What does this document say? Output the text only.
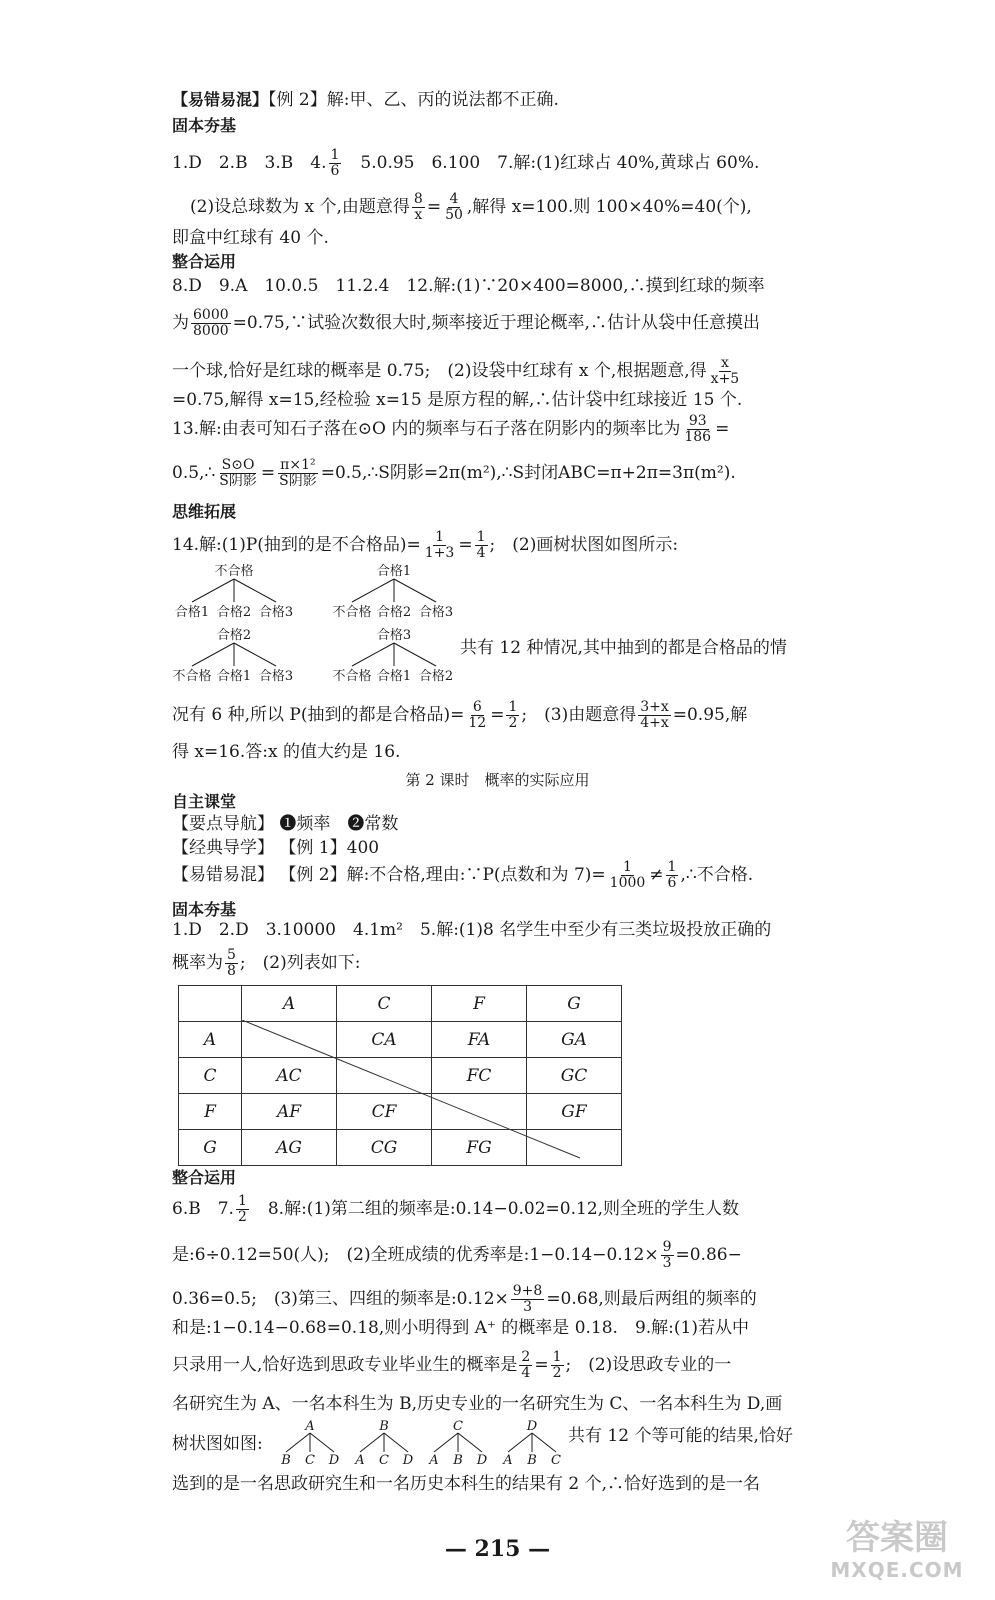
【易错易混】【例 2】解:甲、乙、丙的说法都不正确.
固本夯基
1.D　2.B　3.B　4. $\frac{1}{6}$ 　5.0.95　6.100　7.解:(1)红球占 40%,黄球占 60%.
(2)设总球数为 x 个,由题意得 $\frac{8}{x} = \frac{4}{50}$ ,解得 x=100.则 100×40%=40(个),
即盒中红球有 40 个.
整合运用
8.D　9.A　10.0.5　11.2.4　12.解:(1)∵20×400=8000,∴摸到红球的频率
为 $\frac{6000}{8000}$ =0.75,∵试验次数很大时,频率接近于理论概率,∴估计从袋中任意摸出
一个球,恰好是红球的概率是 0.75;　(2)设袋中红球有 x 个,根据题意,得 $\frac{x}{x+5}$
=0.75,解得 x=15,经检验 x=15 是原方程的解,∴估计袋中红球接近 15 个.
13.解:由表可知石子落在⊙O 内的频率与石子落在阴影内的频率比为 $\frac{93}{186}$ =
0.5,∴ $\frac{S⊙O}{\text{S阴影}} = \frac{\text{π×1²}}{\text{S阴影}}$ =0.5,∴S阴影=2π(m²),∴S封闭ABC=π+2π=3π(m²).
思维拓展
14.解:(1)P(抽到的是不合格品)= $\frac{1}{1+3} = \frac{1}{4}$ ;　(2)画树状图如图所示:
不合格
合格1 合格2 合格3
合格1
不合格 合格2 合格3
合格2
不合格 合格1 合格3
合格3
不合格 合格1 合格2
共有 12 种情况,其中抽到的都是合格品的情
况有 6 种,所以 P(抽到的都是合格品)= $\frac{6}{12} = \frac{1}{2}$ ;　(3)由题意得 $\frac{3+x}{4+x} =0.95$,解
得 x=16.答:x 的值大约是 16.
第 2 课时　概率的实际应用
自主课堂
【要点导航】 ❶频率　❷常数
【经典导学】 【例 1】400
【易错易混】 【例 2】解:不合格,理由:∵P(点数和为 $7)= \frac{1}{1000} \ne \frac{1}{6}$ ,∴不合格.
固本夯基
1.D　2.D　3.10000　4.1m²　5.解:(1)8 名学生中至少有三类垃圾投放正确的
概率为 $\frac{5}{8}$ ;　(2)列表如下:
	A	C	F	G
A		CA	FA	GA
C	AC		FC	GC
F	AF	CF		GF
G	AG	CG	FG	
整合运用
6.B　7. $\frac{1}{2}$ 　8.解:(1)第二组的频率是:0.14−0.02=0.12,则全班的学生人数
是:6÷0.12=50(人);　(2)全班成绩的优秀率是:1−0.14−0.12× $\frac{9}{3} =0.86-$
0.36=0.5;　(3)第三、四组的频率是:0.12× $\frac{9+8}{3} =0.68$,则最后两组的频率的
和是:1−0.14−0.68=0.18,则小明得到 A⁺ 的概率是 0.18.　9.解:(1)若从中
只录用一人,恰好选到思政专业毕业生的概率是 $\frac{2}{4} = \frac{1}{2}$ ;　(2)设思政专业的一
名研究生为 A、一名本科生为 B,历史专业的一名研究生为 C、一名本科生为 D,画
树状图如图:
A
B C D
B
A C D
C
A B D
D
A B C
共有 12 个等可能的结果,恰好
选到的是一名思政研究生和一名历史本科生的结果有 2 个,∴恰好选到的是一名
— 215 —	答案圈
MXQE.COM
